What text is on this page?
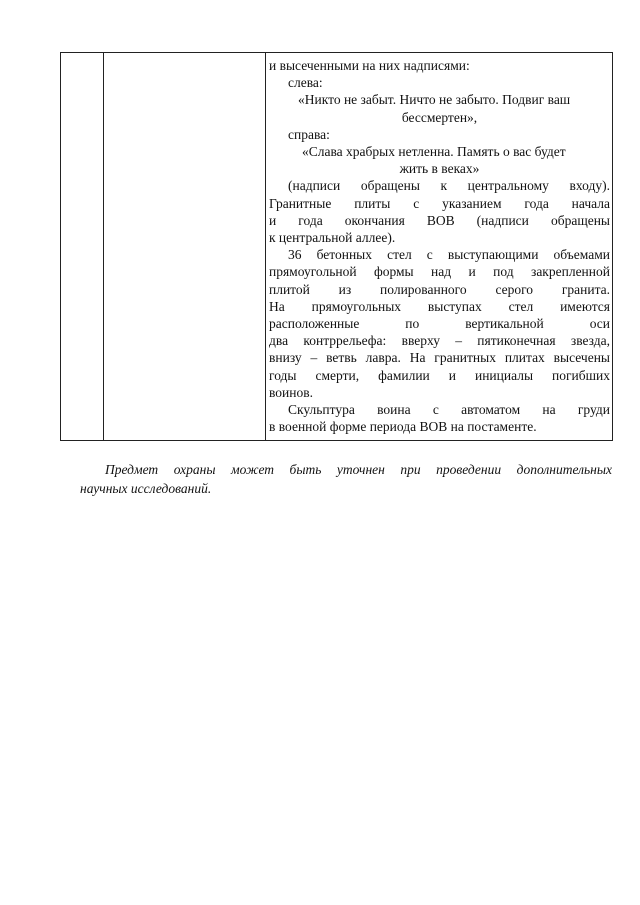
и высеченными на них надписями:
слева:
«Никто не забыт. Ничто не забыто. Подвиг ваш
бессмертен»,
справа:
«Слава храбрых нетленна. Память о вас будет
жить в веках»
(надписи обращены к центральному входу).
Гранитные плиты с указанием года начала
и года окончания ВОВ (надписи обращены
к центральной аллее).
36 бетонных стел с выступающими объемами
прямоугольной формы над и под закрепленной
плитой из полированного серого гранита.
На прямоугольных выступах стел имеются
расположенные по вертикальной оси
два контррельефа: вверху – пятиконечная звезда,
внизу – ветвь лавра. На гранитных плитах высечены
годы смерти, фамилии и инициалы погибших
воинов.
Скульптура воина с автоматом на груди
в военной форме периода ВОВ на постаменте.
Предмет охраны может быть уточнен при проведении дополнительных
научных исследований.
